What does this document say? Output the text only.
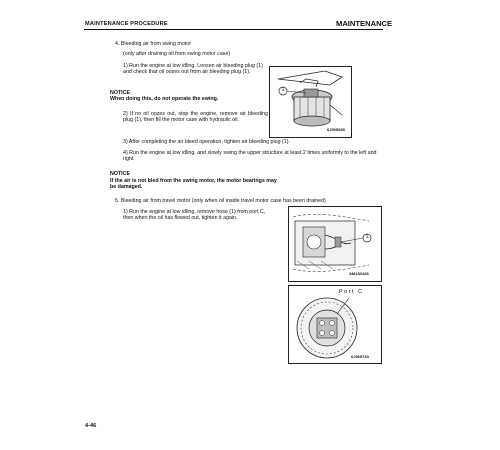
MAINTENANCE PROCEDURE	MAINTENANCE
4. Bleeding air from swing motor
(only after draining oil from swing motor case)
1) Run the engine at low idling. Loosen air bleeding plug (1) and check that oil oozes out from air bleeding plug (1).
NOTICE
When doing this, do not operate the swing.
2) If no oil oozes out, stop the engine, remove air bleeding plug (1), then fill the motor case with hydraulic oil.
1
6J905085
3) After completing the air bleed operation, tighten air bleeding plug (1).
4) Run the engine at low idling, and slowly swing the upper structure at least 2 times uniformly to the left and right.
NOTICE
If the air is not bled from the swing motor, the motor bearings may be damaged.
5. Bleeding air from travel motor (only when oil inside travel motor case has been drained)
1) Run the engine at low idling, remove hose (1) from port C, then when the oil has flowed out, tighten it again.
1
AM183428
Port C
6J965733
4-46
